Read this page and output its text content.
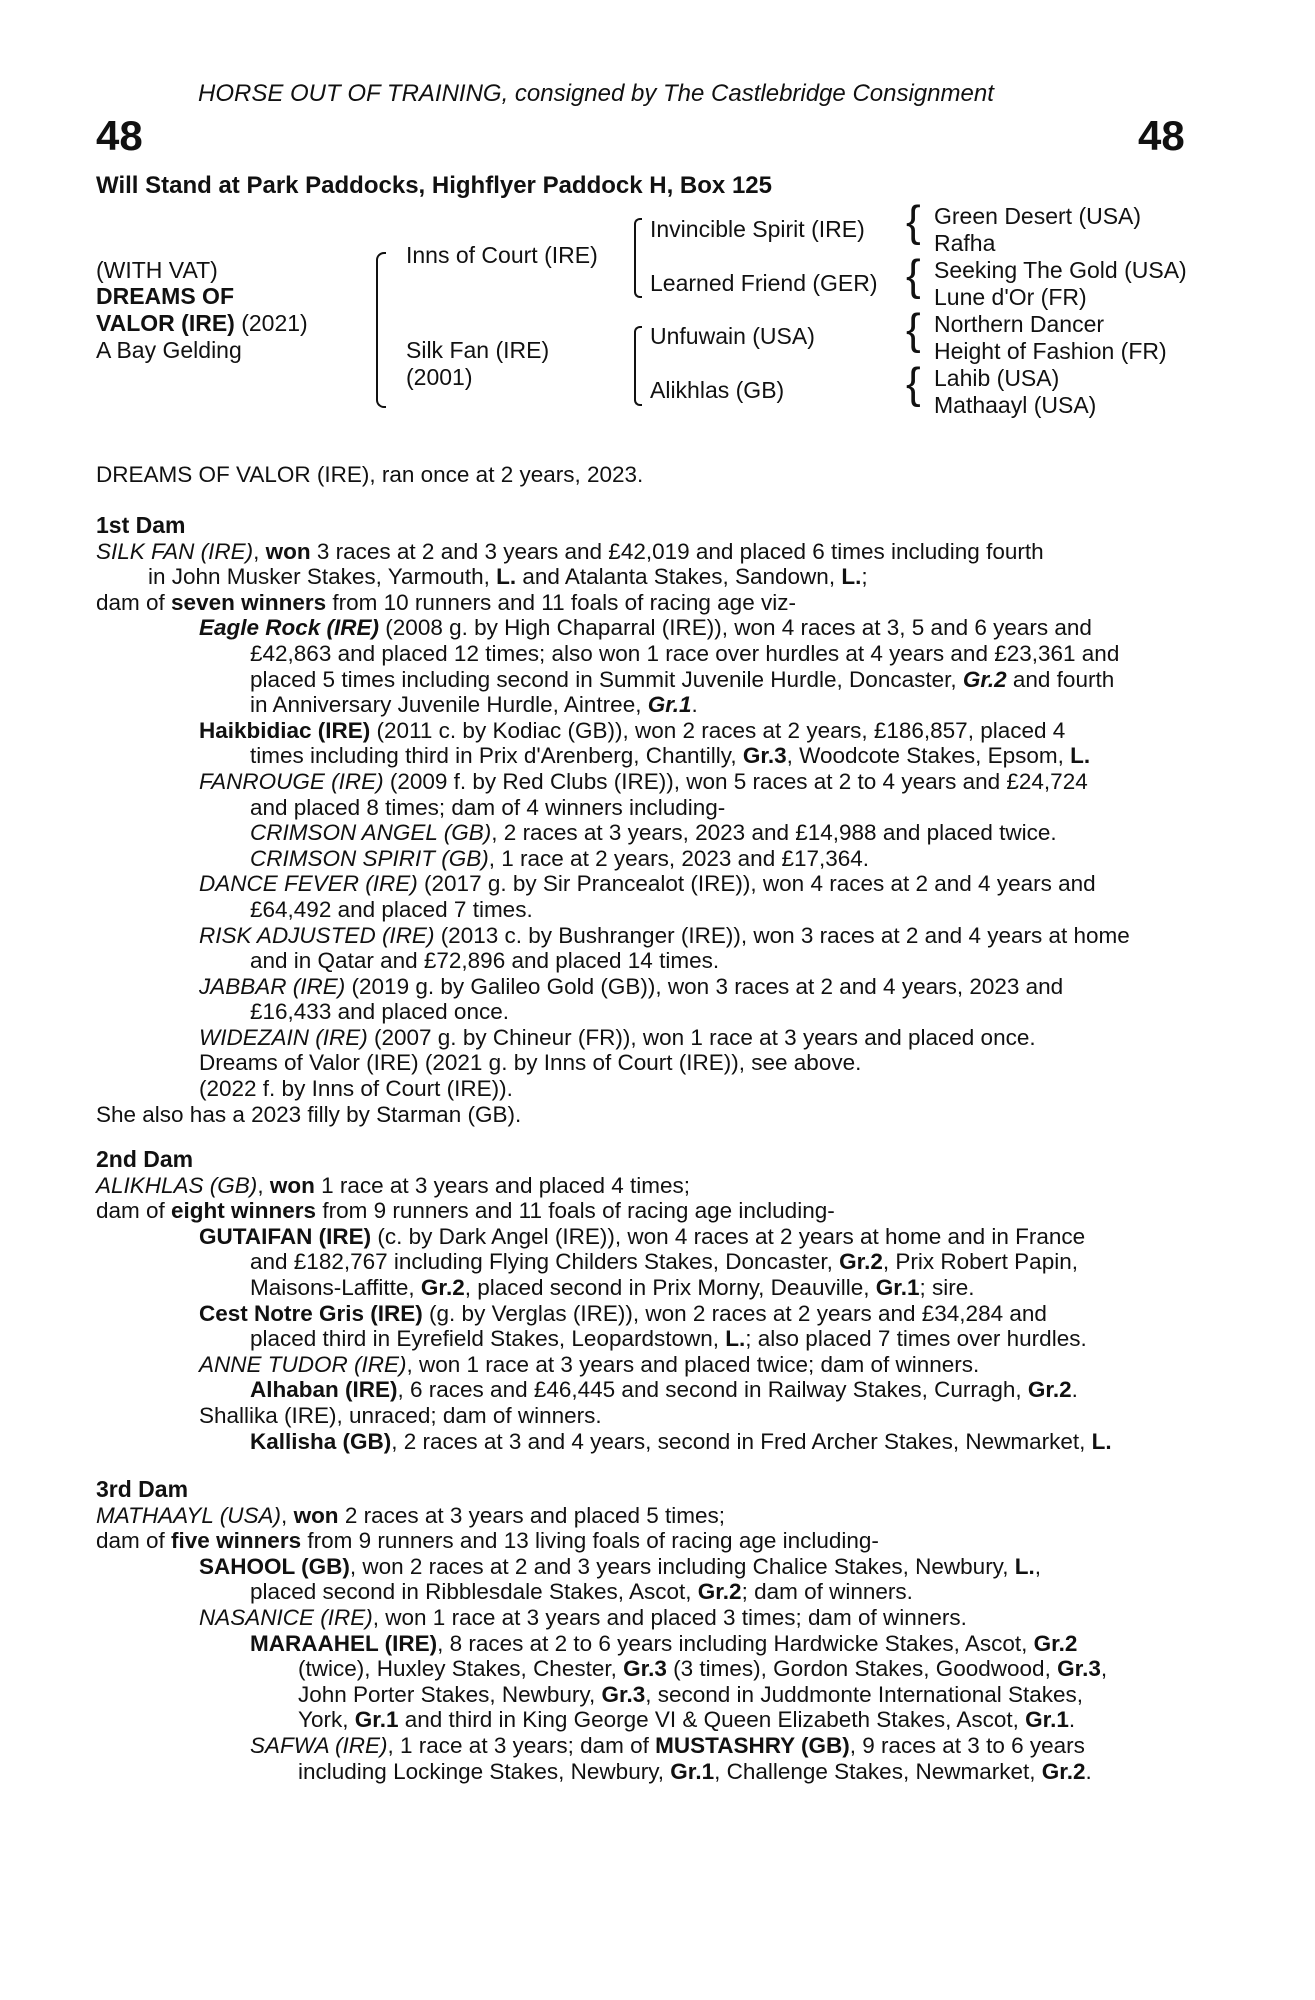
HORSE OUT OF TRAINING, consigned by The Castlebridge Consignment
48	48
Will Stand at Park Paddocks, Highflyer Paddock H, Box 125
(WITH VAT)
DREAMS OF
VALOR (IRE) (2021)
A Bay Gelding
Inns of Court (IRE)
Silk Fan (IRE)
(2001)
Invincible Spirit (IRE)
Learned Friend (GER)
Unfuwain (USA)
Alikhlas (GB)
{
{
{
{
Green Desert (USA)
Rafha
Seeking The Gold (USA)
Lune d'Or (FR)
Northern Dancer
Height of Fashion (FR)
Lahib (USA)
Mathaayl (USA)
DREAMS OF VALOR (IRE), ran once at 2 years, 2023.
1st Dam
SILK FAN (IRE), won 3 races at 2 and 3 years and £42,019 and placed 6 times including fourth
in John Musker Stakes, Yarmouth, L. and Atalanta Stakes, Sandown, L.;
dam of seven winners from 10 runners and 11 foals of racing age viz-
Eagle Rock (IRE) (2008 g. by High Chaparral (IRE)), won 4 races at 3, 5 and 6 years and
£42,863 and placed 12 times; also won 1 race over hurdles at 4 years and £23,361 and
placed 5 times including second in Summit Juvenile Hurdle, Doncaster, Gr.2 and fourth
in Anniversary Juvenile Hurdle, Aintree, Gr.1.
Haikbidiac (IRE) (2011 c. by Kodiac (GB)), won 2 races at 2 years, £186,857, placed 4
times including third in Prix d'Arenberg, Chantilly, Gr.3, Woodcote Stakes, Epsom, L.
FANROUGE (IRE) (2009 f. by Red Clubs (IRE)), won 5 races at 2 to 4 years and £24,724
and placed 8 times; dam of 4 winners including-
CRIMSON ANGEL (GB), 2 races at 3 years, 2023 and £14,988 and placed twice.
CRIMSON SPIRIT (GB), 1 race at 2 years, 2023 and £17,364.
DANCE FEVER (IRE) (2017 g. by Sir Prancealot (IRE)), won 4 races at 2 and 4 years and
£64,492 and placed 7 times.
RISK ADJUSTED (IRE) (2013 c. by Bushranger (IRE)), won 3 races at 2 and 4 years at home
and in Qatar and £72,896 and placed 14 times.
JABBAR (IRE) (2019 g. by Galileo Gold (GB)), won 3 races at 2 and 4 years, 2023 and
£16,433 and placed once.
WIDEZAIN (IRE) (2007 g. by Chineur (FR)), won 1 race at 3 years and placed once.
Dreams of Valor (IRE) (2021 g. by Inns of Court (IRE)), see above.
(2022 f. by Inns of Court (IRE)).
She also has a 2023 filly by Starman (GB).
2nd Dam
ALIKHLAS (GB), won 1 race at 3 years and placed 4 times;
dam of eight winners from 9 runners and 11 foals of racing age including-
GUTAIFAN (IRE) (c. by Dark Angel (IRE)), won 4 races at 2 years at home and in France
and £182,767 including Flying Childers Stakes, Doncaster, Gr.2, Prix Robert Papin,
Maisons-Laffitte, Gr.2, placed second in Prix Morny, Deauville, Gr.1; sire.
Cest Notre Gris (IRE) (g. by Verglas (IRE)), won 2 races at 2 years and £34,284 and
placed third in Eyrefield Stakes, Leopardstown, L.; also placed 7 times over hurdles.
ANNE TUDOR (IRE), won 1 race at 3 years and placed twice; dam of winners.
Alhaban (IRE), 6 races and £46,445 and second in Railway Stakes, Curragh, Gr.2.
Shallika (IRE), unraced; dam of winners.
Kallisha (GB), 2 races at 3 and 4 years, second in Fred Archer Stakes, Newmarket, L.
3rd Dam
MATHAAYL (USA), won 2 races at 3 years and placed 5 times;
dam of five winners from 9 runners and 13 living foals of racing age including-
SAHOOL (GB), won 2 races at 2 and 3 years including Chalice Stakes, Newbury, L.,
placed second in Ribblesdale Stakes, Ascot, Gr.2; dam of winners.
NASANICE (IRE), won 1 race at 3 years and placed 3 times; dam of winners.
MARAAHEL (IRE), 8 races at 2 to 6 years including Hardwicke Stakes, Ascot, Gr.2
(twice), Huxley Stakes, Chester, Gr.3 (3 times), Gordon Stakes, Goodwood, Gr.3,
John Porter Stakes, Newbury, Gr.3, second in Juddmonte International Stakes,
York, Gr.1 and third in King George VI & Queen Elizabeth Stakes, Ascot, Gr.1.
SAFWA (IRE), 1 race at 3 years; dam of MUSTASHRY (GB), 9 races at 3 to 6 years
including Lockinge Stakes, Newbury, Gr.1, Challenge Stakes, Newmarket, Gr.2.
